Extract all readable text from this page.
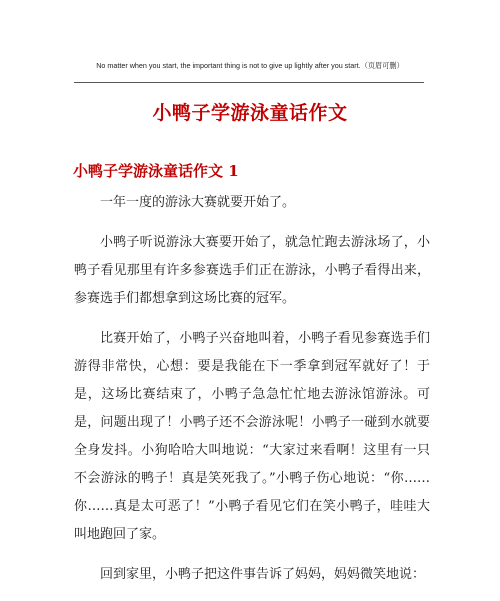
No matter when you start, the important thing is not to give up lightly after you start.（页眉可删）
小鸭子学游泳童话作文
小鸭子学游泳童话作文 1

一年一度的游泳大赛就要开始了。

小鸭子听说游泳大赛要开始了，就急忙跑去游泳场了，小鸭子看见那里有许多参赛选手们正在游泳，小鸭子看得出来，参赛选手们都想拿到这场比赛的冠军。

比赛开始了，小鸭子兴奋地叫着，小鸭子看见参赛选手们游得非常快，心想：要是我能在下一季拿到冠军就好了！于是，这场比赛结束了，小鸭子急急忙忙地去游泳馆游泳。可是，问题出现了！小鸭子还不会游泳呢！小鸭子一碰到水就要全身发抖。小狗哈哈大叫地说：“大家过来看啊！这里有一只不会游泳的鸭子！真是笑死我了。”小鸭子伤心地说：“你……你……真是太可恶了！”小鸭子看见它们在笑小鸭子，哇哇大叫地跑回了家。

回到家里，小鸭子把这件事告诉了妈妈，妈妈微笑地说：
